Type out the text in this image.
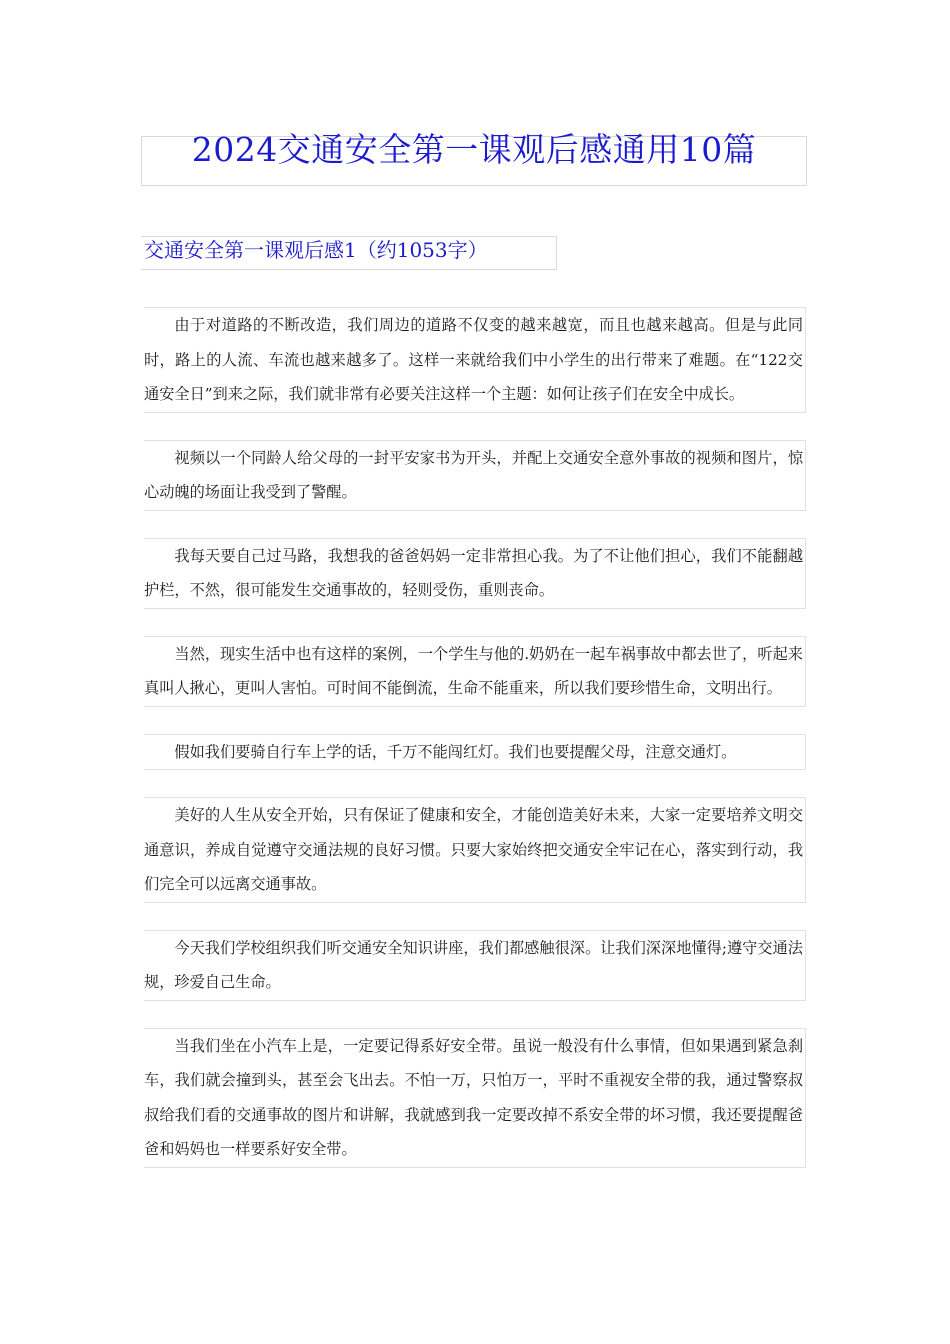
2024交通安全第一课观后感通用10篇
交通安全第一课观后感1（约1053字）

由于对道路的不断改造，我们周边的道路不仅变的越来越宽，而且也越来越高。但是与此同时，路上的人流、车流也越来越多了。这样一来就给我们中小学生的出行带来了难题。在“122交通安全日”到来之际，我们就非常有必要关注这样一个主题：如何让孩子们在安全中成长。

视频以一个同龄人给父母的一封平安家书为开头，并配上交通安全意外事故的视频和图片，惊心动魄的场面让我受到了警醒。

我每天要自己过马路，我想我的爸爸妈妈一定非常担心我。为了不让他们担心，我们不能翻越护栏，不然，很可能发生交通事故的，轻则受伤，重则丧命。

当然，现实生活中也有这样的案例，一个学生与他的.奶奶在一起车祸事故中都去世了，听起来真叫人揪心，更叫人害怕。可时间不能倒流，生命不能重来，所以我们要珍惜生命，文明出行。

假如我们要骑自行车上学的话，千万不能闯红灯。我们也要提醒父母，注意交通灯。

美好的人生从安全开始，只有保证了健康和安全，才能创造美好未来，大家一定要培养文明交通意识，养成自觉遵守交通法规的良好习惯。只要大家始终把交通安全牢记在心，落实到行动，我们完全可以远离交通事故。

今天我们学校组织我们听交通安全知识讲座，我们都感触很深。让我们深深地懂得;遵守交通法规，珍爱自己生命。

当我们坐在小汽车上是，一定要记得系好安全带。虽说一般没有什么事情，但如果遇到紧急刹车，我们就会撞到头，甚至会飞出去。不怕一万，只怕万一，平时不重视安全带的我，通过警察叔叔给我们看的交通事故的图片和讲解，我就感到我一定要改掉不系安全带的坏习惯，我还要提醒爸爸和妈妈也一样要系好安全带。
